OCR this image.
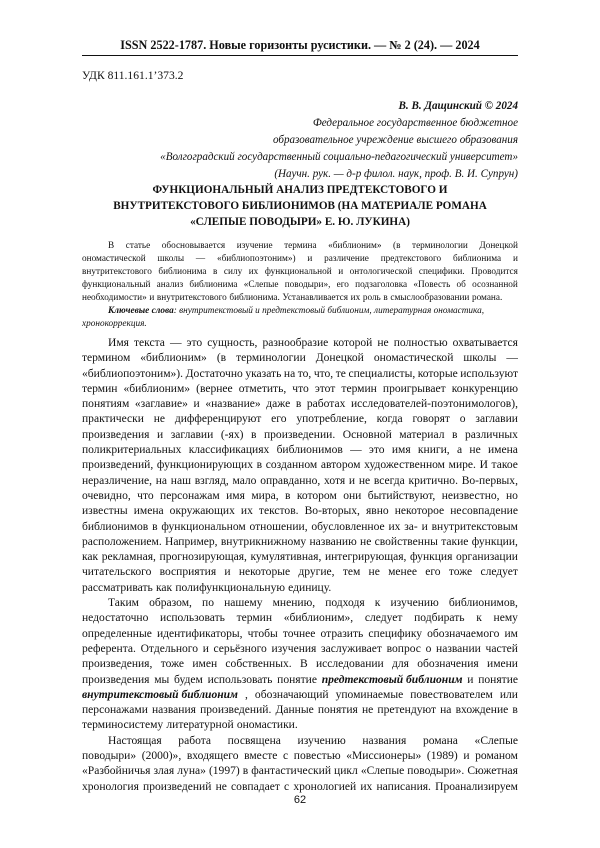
ISSN 2522-1787. Новые горизонты русистики. — № 2 (24). — 2024
УДК 811.161.1’373.2
В. В. Дащинский © 2024
Федеральное государственное бюджетное
образовательное учреждение высшего образования
«Волгоградский государственный социально-педагогический университет»
(Научн. рук. — д-р филол. наук, проф. В. И. Супрун)
ФУНКЦИОНАЛЬНЫЙ АНАЛИЗ ПРЕДТЕКСТОВОГО И
ВНУТРИТЕКСТОВОГО БИБЛИОНИМОВ (НА МАТЕРИАЛЕ РОМАНА
«СЛЕПЫЕ ПОВОДЫРИ» Е. Ю. ЛУКИНА)
В статье обосновывается изучение термина «библионим» (в терминологии Донецкой
ономастической школы — «библиопоэтоним») и различение предтекстового библионима и
внутритекстового библионима в силу их функциональной и онтологической специфики. Проводится
функциональный анализ библионима «Слепые поводыри», его подзаголовка «Повесть об осознанной
необходимости» и внутритекстового библионима. Устанавливается их роль в смыслообразовании романа.
Ключевые слова : внутритекстовый и предтекстовый библионим, литературная ономастика,
хронокоррекция.
Имя текста — это сущность, разнообразие которой не полностью охватывается
термином «библионим» (в терминологии Донецкой ономастической школы —
«библиопоэтоним»). Достаточно указать на то, что, те специалисты, которые используют
термин «библионим» (вернее отметить, что этот термин проигрывает конкуренцию
понятиям «заглавие» и «название» даже в работах исследователей-поэтонимологов),
практически не дифференцируют его употребление, когда говорят о заглавии
произведения и заглавии (-ях) в произведении. Основной материал в различных
поликритериальных классификациях библионимов — это имя книги, а не имена
произведений, функционирующих в созданном автором художественном мире. И такое
неразличение, на наш взгляд, мало оправданно, хотя и не всегда критично. Во-первых,
очевидно, что персонажам имя мира, в котором они бытийствуют, неизвестно, но
известны имена окружающих их текстов. Во-вторых, явно некоторое несовпадение
библионимов в функциональном отношении, обусловленное их за- и внутритекстовым
расположением. Например, внутрикнижному названию не свойственны такие функции,
как рекламная, прогнозирующая, кумулятивная, интегрирующая, функция организации
читательского восприятия и некоторые другие, тем не менее его тоже следует
рассматривать как полифункциональную единицу.
Таким образом, по нашему мнению, подходя к изучению библионимов,
недостаточно использовать термин «библионим», следует подбирать к нему
определенные идентификаторы, чтобы точнее отразить специфику обозначаемого им
референта. Отдельного и серьёзного изучения заслуживает вопрос о названии частей
произведения, тоже имен собственных. В исследовании для обозначения имени
произведения мы будем использовать понятие предтекстовый библионим и понятие
внутритекстовый библионим , обозначающий упоминаемые повествователем или
персонажами названия произведений. Данные понятия не претендуют на вхождение в
терминосистему литературной ономастики.
Настоящая работа посвящена изучению названия романа «Слепые
поводыри» (2000)», входящего вместе с повестью «Миссионеры» (1989) и романом
«Разбойничья злая луна» (1997) в фантастический цикл «Слепые поводыри». Сюжетная
хронология произведений не совпадает с хронологией их написания. Проанализируем
62
